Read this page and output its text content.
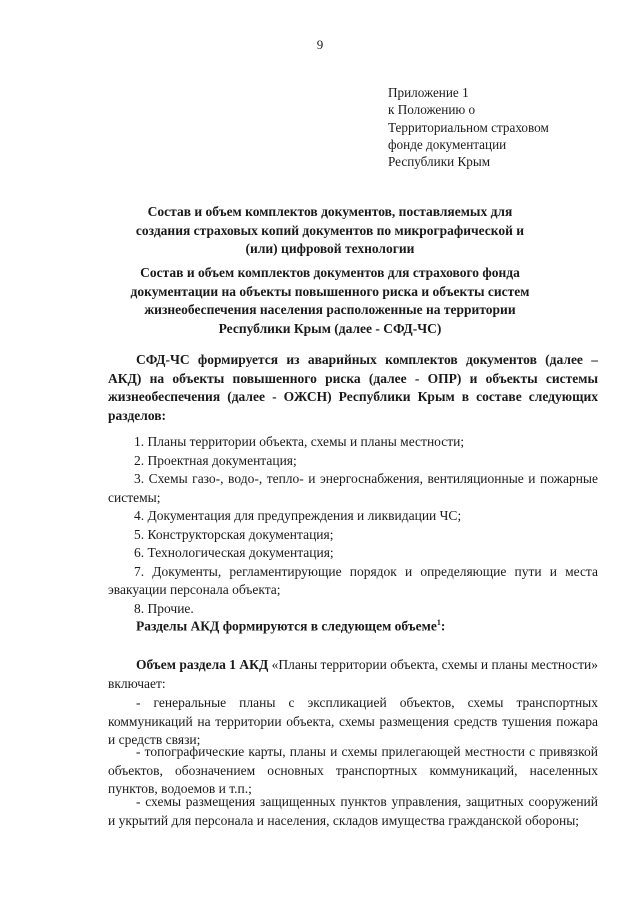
9
Приложение 1
к Положению о
Территориальном страховом
фонде документации
Республики Крым
Состав и объем комплектов документов, поставляемых для создания страховых копий документов по микрографической и (или) цифровой технологии
Состав и объем комплектов документов для страхового фонда документации на объекты повышенного риска и объекты систем жизнеобеспечения населения расположенные на территории Республики Крым (далее - СФД-ЧС)
СФД-ЧС формируется из аварийных комплектов документов (далее – АКД) на объекты повышенного риска (далее - ОПР) и объекты системы жизнеобеспечения (далее - ОЖСН) Республики Крым в составе следующих разделов:
1. Планы территории объекта, схемы и планы местности;
2. Проектная документация;
3. Схемы газо-, водо-, тепло- и энергоснабжения, вентиляционные и пожарные системы;
4. Документация для предупреждения и ликвидации ЧС;
5. Конструкторская документация;
6. Технологическая документация;
7. Документы, регламентирующие порядок и определяющие пути и места эвакуации персонала объекта;
8. Прочие.
Разделы АКД формируются в следующем объеме$^1$:
Объем раздела 1 АКД «Планы территории объекта, схемы и планы местности» включает:
- генеральные планы с экспликацией объектов, схемы транспортных коммуникаций на территории объекта, схемы размещения средств тушения пожара и средств связи;
- топографические карты, планы и схемы прилегающей местности с привязкой объектов, обозначением основных транспортных коммуникаций, населенных пунктов, водоемов и т.п.;
- схемы размещения защищенных пунктов управления, защитных сооружений и укрытий для персонала и населения, складов имущества гражданской обороны;
